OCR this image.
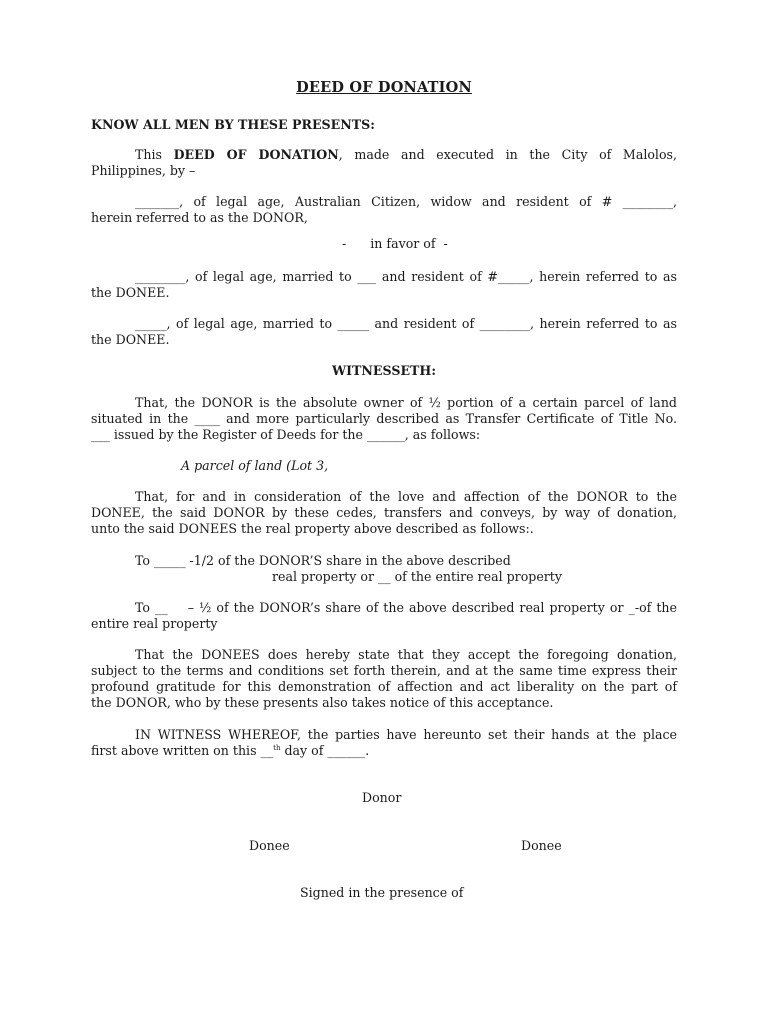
DEED OF DONATION
KNOW ALL MEN BY THESE PRESENTS:
This DEED OF DONATION, made and executed in the City of Malolos,
Philippines, by –
_______, of legal age, Australian Citizen, widow and resident of # ________,
herein referred to as the DONOR,
-      in favor of  -
________, of legal age, married to ___ and resident of #_____, herein referred to as
the DONEE.
_____, of legal age, married to _____ and resident of ________, herein referred to as
the DONEE.
WITNESSETH:
That, the DONOR is the absolute owner of ½ portion of a certain parcel of land
situated in the ____ and more particularly described as Transfer Certificate of Title No.
___ issued by the Register of Deeds for the ______, as follows:
A parcel of land (Lot 3,
That, for and in consideration of the love and affection of the DONOR to the
DONEE, the said DONOR by these cedes, transfers and conveys, by way of donation,
unto the said DONEES the real property above described as follows:.
To _____ -1/2 of the DONOR’S share in the above described
real property or __ of the entire real property
To __    – ½ of the DONOR’s share of the above described real property or _-of the
entire real property
That the DONEES does hereby state that they accept the foregoing donation,
subject to the terms and conditions set forth therein, and at the same time express their
profound gratitude for this demonstration of affection and act liberality on the part of
the DONOR, who by these presents also takes notice of this acceptance.
IN WITNESS WHEREOF, the parties have hereunto set their hands at the place
first above written on this __$^{th}$ day of ______.
Donor
Donee	Donee
Signed in the presence of
